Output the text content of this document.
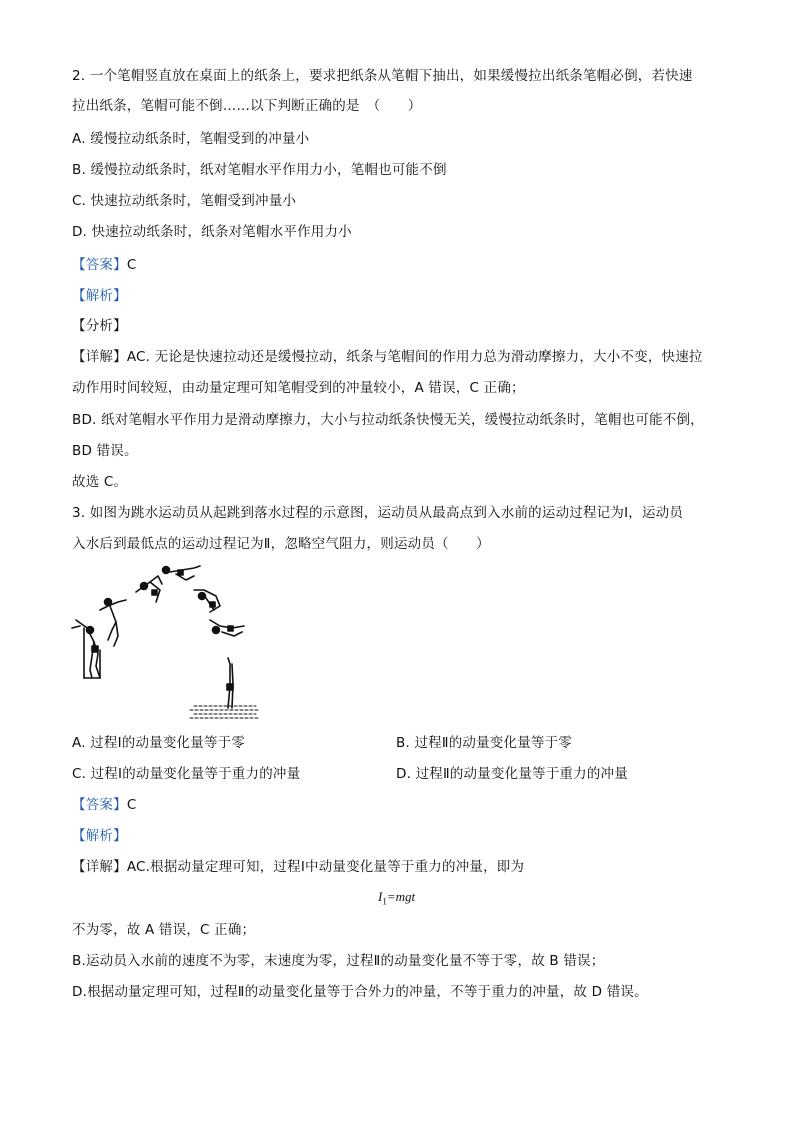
2. 一个笔帽竖直放在桌面上的纸条上，要求把纸条从笔帽下抽出，如果缓慢拉出纸条笔帽必倒，若快速
拉出纸条，笔帽可能不倒……以下判断正确的是　（　　）
A. 缓慢拉动纸条时，笔帽受到的冲量小
B. 缓慢拉动纸条时，纸对笔帽水平作用力小，笔帽也可能不倒
C. 快速拉动纸条时，笔帽受到冲量小
D. 快速拉动纸条时，纸条对笔帽水平作用力小
【答案】C
【解析】
【分析】
【详解】AC. 无论是快速拉动还是缓慢拉动，纸条与笔帽间的作用力总为滑动摩擦力，大小不变，快速拉
动作用时间较短，由动量定理可知笔帽受到的冲量较小，A 错误，C 正确；
BD. 纸对笔帽水平作用力是滑动摩擦力，大小与拉动纸条快慢无关，缓慢拉动纸条时，笔帽也可能不倒，
BD 错误。
故选 C。
3. 如图为跳水运动员从起跳到落水过程的示意图，运动员从最高点到入水前的运动过程记为Ⅰ，运动员
入水后到最低点的运动过程记为Ⅱ，忽略空气阻力，则运动员（　　）
A. 过程Ⅰ的动量变化量等于零	B. 过程Ⅱ的动量变化量等于零
C. 过程Ⅰ的动量变化量等于重力的冲量	D. 过程Ⅱ的动量变化量等于重力的冲量
【答案】C
【解析】
【详解】AC.根据动量定理可知，过程Ⅰ中动量变化量等于重力的冲量，即为
$I_1=mgt$
不为零，故 A 错误，C 正确；
B.运动员入水前的速度不为零，末速度为零，过程Ⅱ的动量变化量不等于零，故 B 错误；
D.根据动量定理可知，过程Ⅱ的动量变化量等于合外力的冲量，不等于重力的冲量，故 D 错误。
